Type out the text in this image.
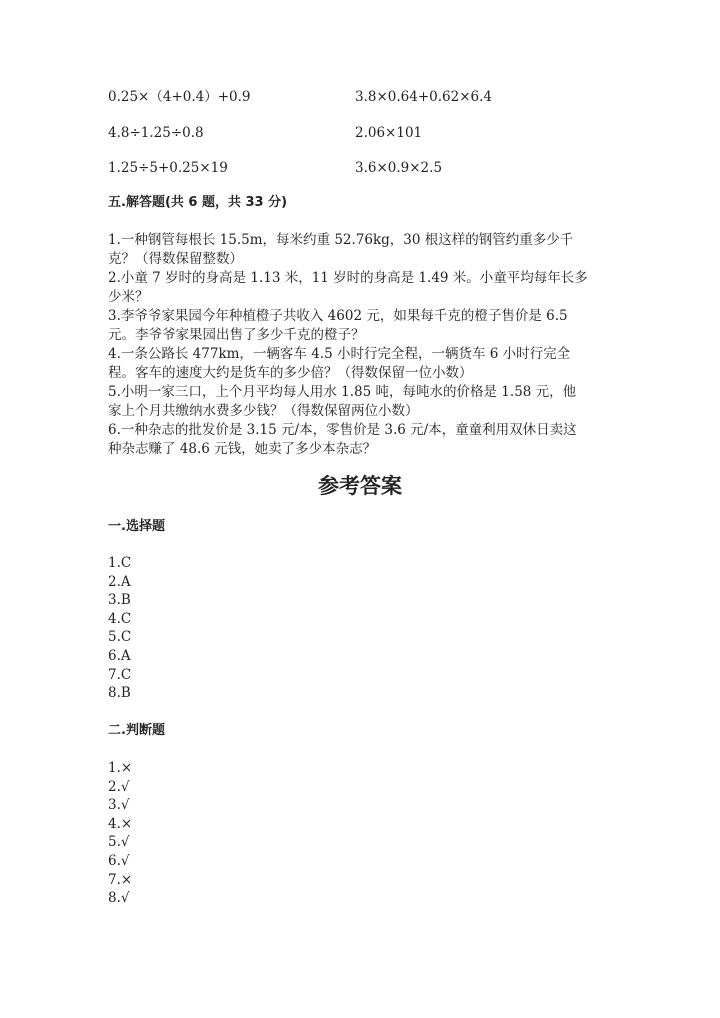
0.25×（4+0.4）+0.9	3.8×0.64+0.62×6.4
4.8÷1.25÷0.8	2.06×101
1.25÷5+0.25×19	3.6×0.9×2.5
五.解答题(共 6 题，共 33 分)
1.一种钢管每根长 15.5m，每米约重 52.76kg，30 根这样的钢管约重多少千
克？（得数保留整数）
2.小童 7 岁时的身高是 1.13 米，11 岁时的身高是 1.49 米。小童平均每年长多
少米？
3.李爷爷家果园今年种植橙子共收入 4602 元，如果每千克的橙子售价是 6.5
元。李爷爷家果园出售了多少千克的橙子？
4.一条公路长 477km，一辆客车 4.5 小时行完全程，一辆货车 6 小时行完全
程。客车的速度大约是货车的多少倍？（得数保留一位小数）
5.小明一家三口，上个月平均每人用水 1.85 吨，每吨水的价格是 1.58 元，他
家上个月共缴纳水费多少钱？（得数保留两位小数）
6.一种杂志的批发价是 3.15 元/本，零售价是 3.6 元/本，童童利用双休日卖这
种杂志赚了 48.6 元钱，她卖了多少本杂志？
参考答案
一.选择题
1.C
2.A
3.B
4.C
5.C
6.A
7.C
8.B
二.判断题
1.×
2.√
3.√
4.×
5.√
6.√
7.×
8.√
